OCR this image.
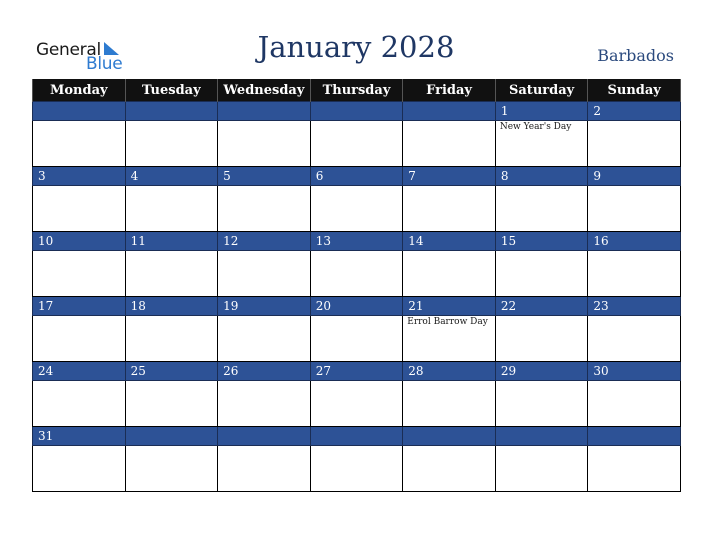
General
Blue	January 2028	Barbados
Monday	Tuesday	Wednesday	Thursday	Friday	Saturday	Sunday

					1	2

					New Year's Day	

3	4	5	6	7	8	9

10	11	12	13	14	15	16

17	18	19	20	21	22	23

				Errol Barrow Day		

24	25	26	27	28	29	30

31						
